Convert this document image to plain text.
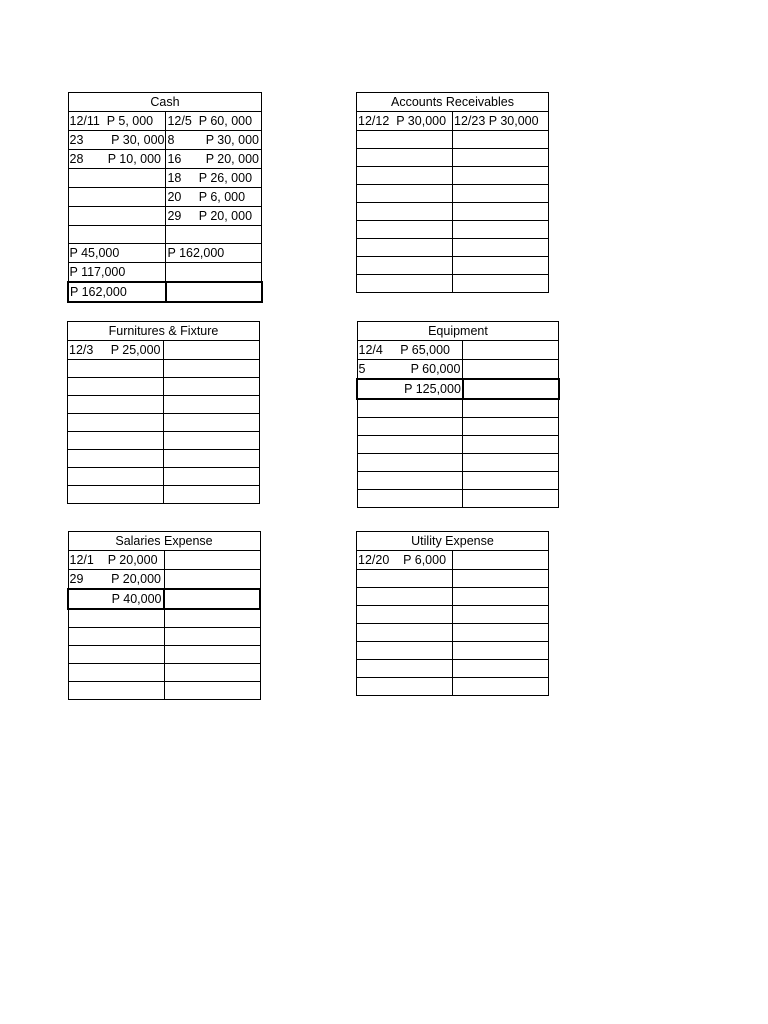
Cash	
12/11  P 5, 000	12/5  P 60, 000
23        P 30, 000	8         P 30, 000
28       P 10, 000	16       P 20, 000
	18     P 26, 000
	20     P 6, 000
	29     P 20, 000

P 45,000	P 162,000
P 117,000	
P 162,000	
Accounts Receivables	
12/12  P 30,000	12/23 P 30,000

Furnitures & Fixture	
12/3     P 25,000	

Equipment	
12/4     P 65,000	
5             P 60,000	
P 125,000	

Salaries Expense	
12/1    P 20,000	
29        P 20,000	
P 40,000	

Utility Expense	
12/20    P 6,000	
